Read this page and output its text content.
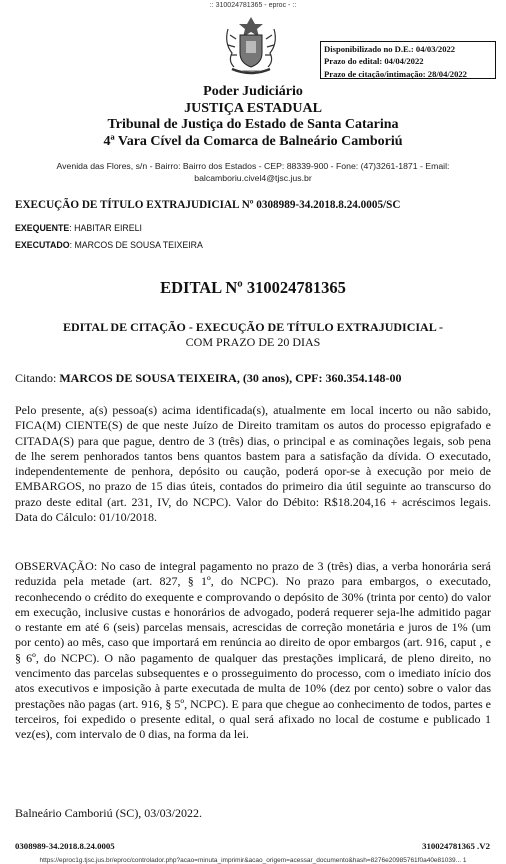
:: 310024781365 - eproc - ::
Disponibilizado no D.E.: 04/03/2022
Prazo do edital: 04/04/2022
Prazo de citação/intimação: 28/04/2022
Poder Judiciário
JUSTIÇA ESTADUAL
Tribunal de Justiça do Estado de Santa Catarina
4ª Vara Cível da Comarca de Balneário Camboriú
Avenida das Flores, s/n - Bairro: Bairro dos Estados - CEP: 88339-900 - Fone: (47)3261-1871 - Email: balcamboriu.civel4@tjsc.jus.br
EXECUÇÃO DE TÍTULO EXTRAJUDICIAL Nº 0308989-34.2018.8.24.0005/SC
EXEQUENTE: HABITAR EIRELI
EXECUTADO: MARCOS DE SOUSA TEIXEIRA
EDITAL Nº 310024781365
EDITAL DE CITAÇÃO - EXECUÇÃO DE TÍTULO EXTRAJUDICIAL -
COM PRAZO DE 20 DIAS
Citando: MARCOS DE SOUSA TEIXEIRA, (30 anos), CPF: 360.354.148-00
Pelo presente, a(s) pessoa(s) acima identificada(s), atualmente em local incerto ou não sabido, FICA(M) CIENTE(S) de que neste Juízo de Direito tramitam os autos do processo epigrafado e CITADA(S) para que pague, dentro de 3 (três) dias, o principal e as cominações legais, sob pena de lhe serem penhorados tantos bens quantos bastem para a satisfação da dívida. O executado, independentemente de penhora, depósito ou caução, poderá opor-se à execução por meio de EMBARGOS, no prazo de 15 dias úteis, contados do primeiro dia útil seguinte ao transcurso do prazo deste edital (art. 231, IV, do NCPC). Valor do Débito: R$18.204,16 + acréscimos legais. Data do Cálculo: 01/10/2018.
OBSERVAÇÃO: No caso de integral pagamento no prazo de 3 (três) dias, a verba honorária será reduzida pela metade (art. 827, § 1º, do NCPC). No prazo para embargos, o executado, reconhecendo o crédito do exequente e comprovando o depósito de 30% (trinta por cento) do valor em execução, inclusive custas e honorários de advogado, poderá requerer seja-lhe admitido pagar o restante em até 6 (seis) parcelas mensais, acrescidas de correção monetária e juros de 1% (um por cento) ao mês, caso que importará em renúncia ao direito de opor embargos (art. 916, caput , e § 6º, do NCPC). O não pagamento de qualquer das prestações implicará, de pleno direito, no vencimento das parcelas subsequentes e o prosseguimento do processo, com o imediato início dos atos executivos e imposição à parte executada de multa de 10% (dez por cento) sobre o valor das prestações não pagas (art. 916, § 5º, NCPC). E para que chegue ao conhecimento de todos, partes e terceiros, foi expedido o presente edital, o qual será afixado no local de costume e publicado 1 vez(es), com intervalo de 0 dias, na forma da lei.
Balneário Camboriú (SC), 03/03/2022.
0308989-34.2018.8.24.0005	310024781365 .V2
https://eproc1g.tjsc.jus.br/eproc/controlador.php?acao=minuta_imprimir&acao_origem=acessar_documento&hash=8276e20985761f0a40e81039... 1
